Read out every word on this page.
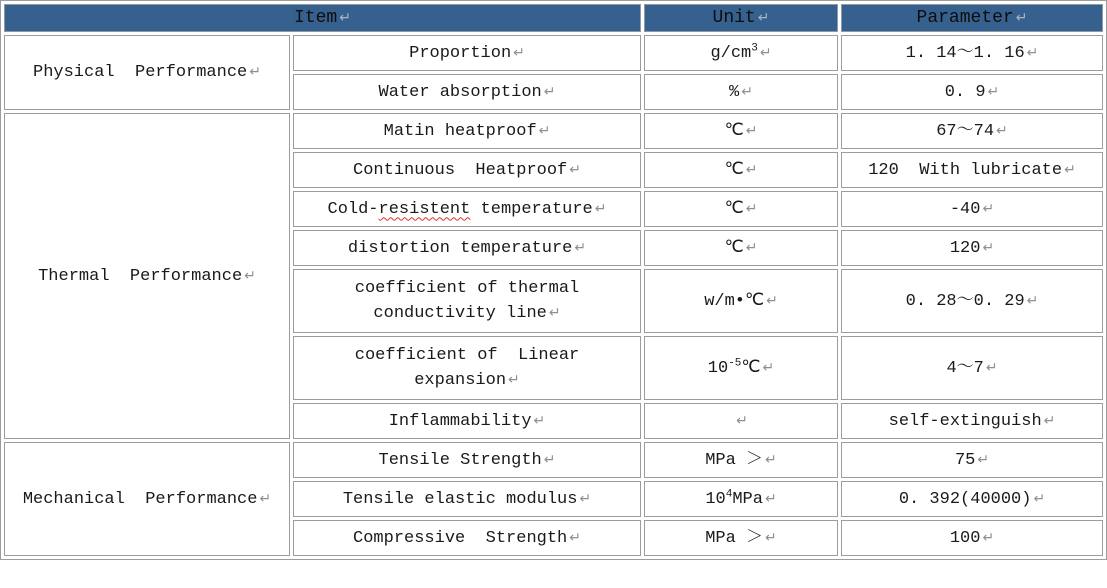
Item ↵		Unit ↵	Parameter ↵
Physical  Performance ↵	Proportion ↵	$g/cm^3$ ↵	1. 14～1. 16 ↵
	Water absorption ↵	% ↵	0. 9 ↵
Thermal  Performance ↵	Matin heatproof ↵	℃ ↵	67～74 ↵
	Continuous  Heatproof ↵	℃ ↵	120  With lubricate ↵
	Cold-resistent temperature ↵	℃ ↵	-40 ↵
	distortion temperature ↵	℃ ↵	120 ↵
	coefficient of thermal
conductivity line ↵	w/m•℃ ↵	0. 28～0. 29 ↵
	coefficient of  Linear
expansion ↵	$10^{-5}℃$ ↵	4～7 ↵
	Inflammability ↵	↵	self-extinguish ↵
Mechanical  Performance ↵	Tensile Strength ↵	MPa ＞ ↵	75 ↵
	Tensile elastic modulus ↵	$10^4MPa$ ↵	0. 392(40000) ↵
	Compressive  Strength ↵	MPa ＞ ↵	100 ↵
